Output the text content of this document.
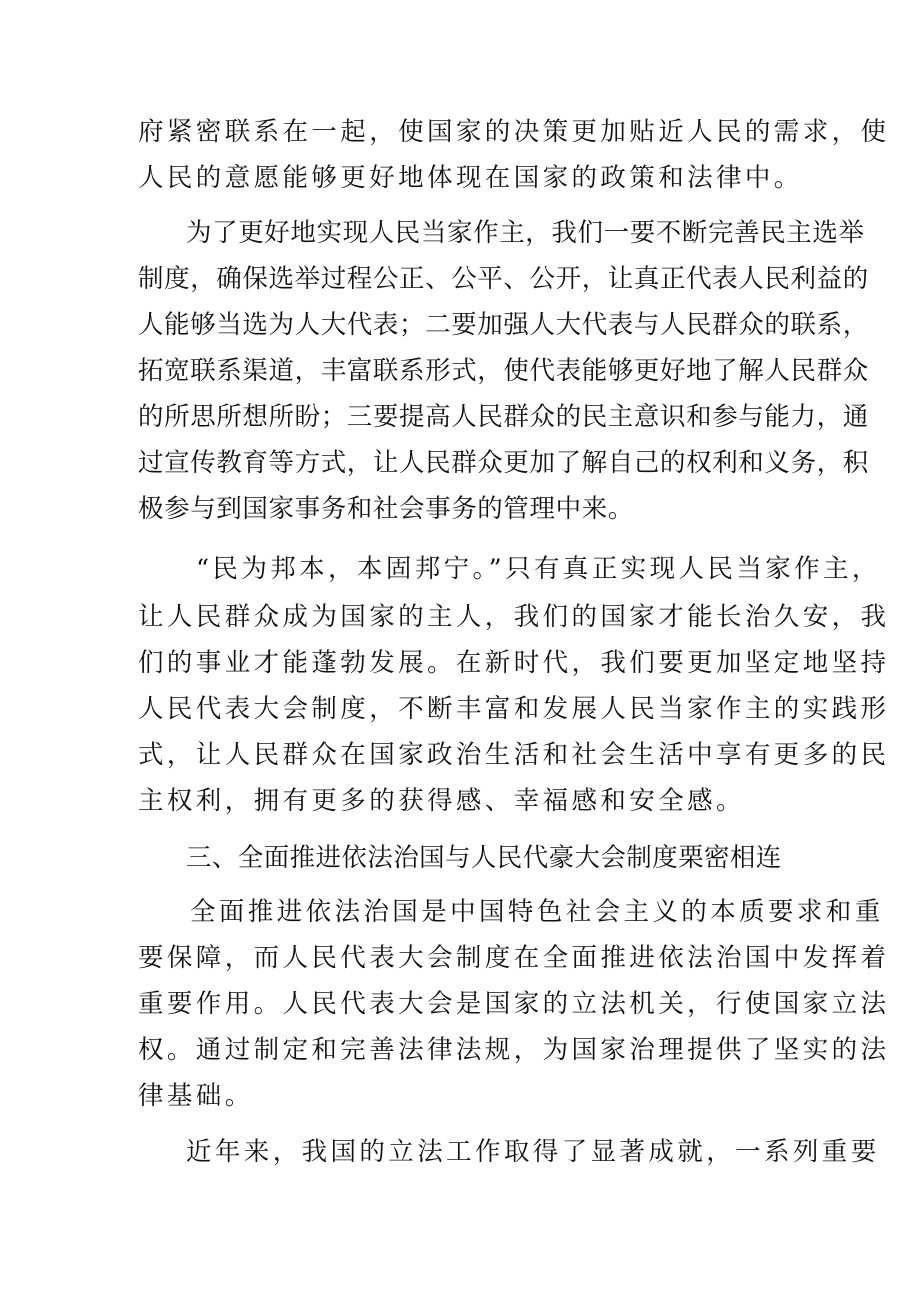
府紧密联系在一起，使国家的决策更加贴近人民的需求，使
人民的意愿能够更好地体现在国家的政策和法律中。
为了更好地实现人民当家作主，我们一要不断完善民主选举
制度，确保选举过程公正、公平、公开，让真正代表人民利益的
人能够当选为人大代表；二要加强人大代表与人民群众的联系，
拓宽联系渠道，丰富联系形式，使代表能够更好地了解人民群众
的所思所想所盼；三要提高人民群众的民主意识和参与能力，通
过宣传教育等方式，让人民群众更加了解自己的权利和义务，积
极参与到国家事务和社会事务的管理中来。
“民为邦本，本固邦宁。”只有真正实现人民当家作主，
让人民群众成为国家的主人，我们的国家才能长治久安，我
们的事业才能蓬勃发展。在新时代，我们要更加坚定地坚持
人民代表大会制度，不断丰富和发展人民当家作主的实践形
式，让人民群众在国家政治生活和社会生活中享有更多的民
主权利，拥有更多的获得感、幸福感和安全感。
三、全面推进依法治国与人民代豪大会制度栗密相连
全面推进依法治国是中国特色社会主义的本质要求和重
要保障，而人民代表大会制度在全面推进依法治国中发挥着
重要作用。人民代表大会是国家的立法机关，行使国家立法
权。通过制定和完善法律法规，为国家治理提供了坚实的法
律基础。
近年来，我国的立法工作取得了显著成就，一系列重要
